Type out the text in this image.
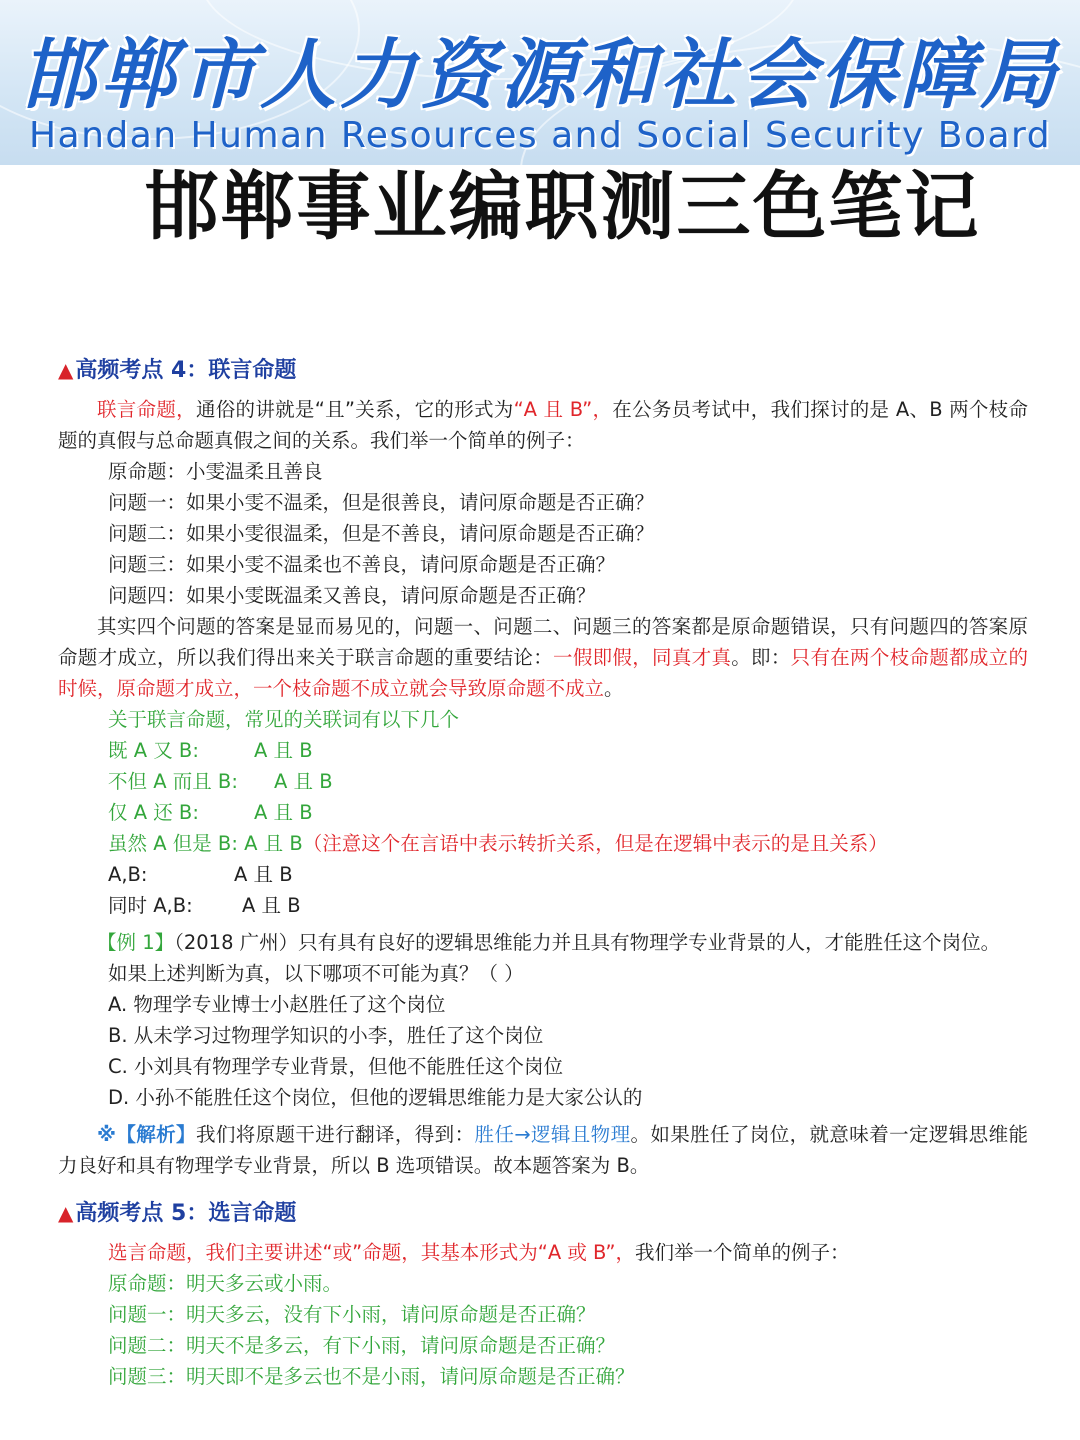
邯郸市人力资源和社会保障局
Handan Human Resources and Social Security Board
邯郸事业编职测三色笔记
▲高频考点 4：联言命题

联言命题，通俗的讲就是“且”关系，它的形式为“A 且 B”，在公务员考试中，我们探讨的是 A、B 两个枝命题的真假与总命题真假之间的关系。我们举一个简单的例子：

原命题：小雯温柔且善良
问题一：如果小雯不温柔，但是很善良，请问原命题是否正确？
问题二：如果小雯很温柔，但是不善良，请问原命题是否正确？
问题三：如果小雯不温柔也不善良，请问原命题是否正确？
问题四：如果小雯既温柔又善良，请问原命题是否正确？

其实四个问题的答案是显而易见的，问题一、问题二、问题三的答案都是原命题错误，只有问题四的答案原命题才成立，所以我们得出来关于联言命题的重要结论：一假即假，同真才真。即：只有在两个枝命题都成立的时候，原命题才成立，一个枝命题不成立就会导致原命题不成立。

关于联言命题，常见的关联词有以下几个
既 A 又 B:	A 且 B
不但 A 而且 B: A 且 B
仅 A 还 B:	A 且 B
虽然 A 但是 B: A 且 B（注意这个在言语中表示转折关系，但是在逻辑中表示的是且关系）
A,B:	A 且 B
同时 A,B:	A 且 B

【例 1】（2018 广州）只有具有良好的逻辑思维能力并且具有物理学专业背景的人，才能胜任这个岗位。

如果上述判断为真，以下哪项不可能为真？（ ）
A. 物理学专业博士小赵胜任了这个岗位
B. 从未学习过物理学知识的小李，胜任了这个岗位
C. 小刘具有物理学专业背景，但他不能胜任这个岗位
D. 小孙不能胜任这个岗位，但他的逻辑思维能力是大家公认的

※【解析】我们将原题干进行翻译，得到：胜任→逻辑且物理。如果胜任了岗位，就意味着一定逻辑思维能力良好和具有物理学专业背景，所以 B 选项错误。故本题答案为 B。

▲高频考点 5：选言命题
选言命题，我们主要讲述“或”命题，其基本形式为“A 或 B”，我们举一个简单的例子：
原命题：明天多云或小雨。
问题一：明天多云，没有下小雨，请问原命题是否正确？
问题二：明天不是多云，有下小雨，请问原命题是否正确？
问题三：明天即不是多云也不是小雨，请问原命题是否正确？
